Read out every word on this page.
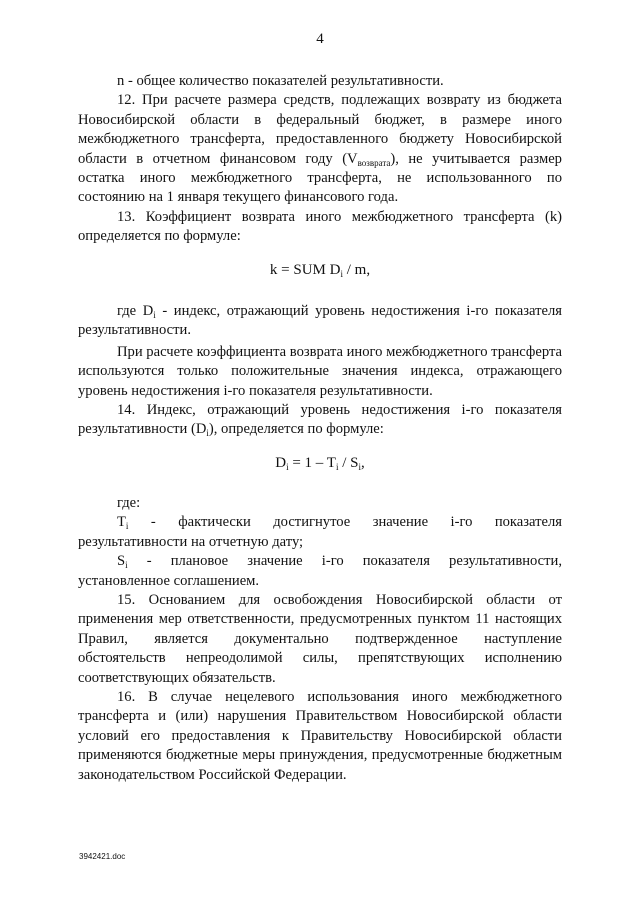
4

n - общее количество показателей результативности.

12. При расчете размера средств, подлежащих возврату из бюджета Новосибирской области в федеральный бюджет, в размере иного межбюджетного трансферта, предоставленного бюджету Новосибирской области в отчетном финансовом году $(V_{возврата})$, не учитывается размер остатка иного межбюджетного трансферта, не использованного по состоянию на 1 января текущего финансового года.

13. Коэффициент возврата иного межбюджетного трансферта (k) определяется по формуле:

k = SUM $D_i$ / m,

где $D_i$ - индекс, отражающий уровень недостижения i-го показателя результативности.

При расчете коэффициента возврата иного межбюджетного трансферта используются только положительные значения индекса, отражающего уровень недостижения i-го показателя результативности.

14. Индекс, отражающий уровень недостижения i-го показателя результативности $(D_i)$, определяется по формуле:

$D_i = 1 - T_i / S_i$,

где:

$T_i$ - фактически достигнутое значение i-го показателя результативности на отчетную дату;

$S_i$ - плановое значение i-го показателя результативности, установленное соглашением.

15. Основанием для освобождения Новосибирской области от применения мер ответственности, предусмотренных пунктом 11 настоящих Правил, является документально подтвержденное наступление обстоятельств непреодолимой силы, препятствующих исполнению соответствующих обязательств.

16. В случае нецелевого использования иного межбюджетного трансферта и (или) нарушения Правительством Новосибирской области условий его предоставления к Правительству Новосибирской области применяются бюджетные меры принуждения, предусмотренные бюджетным законодательством Российской Федерации.

3942421.doc
